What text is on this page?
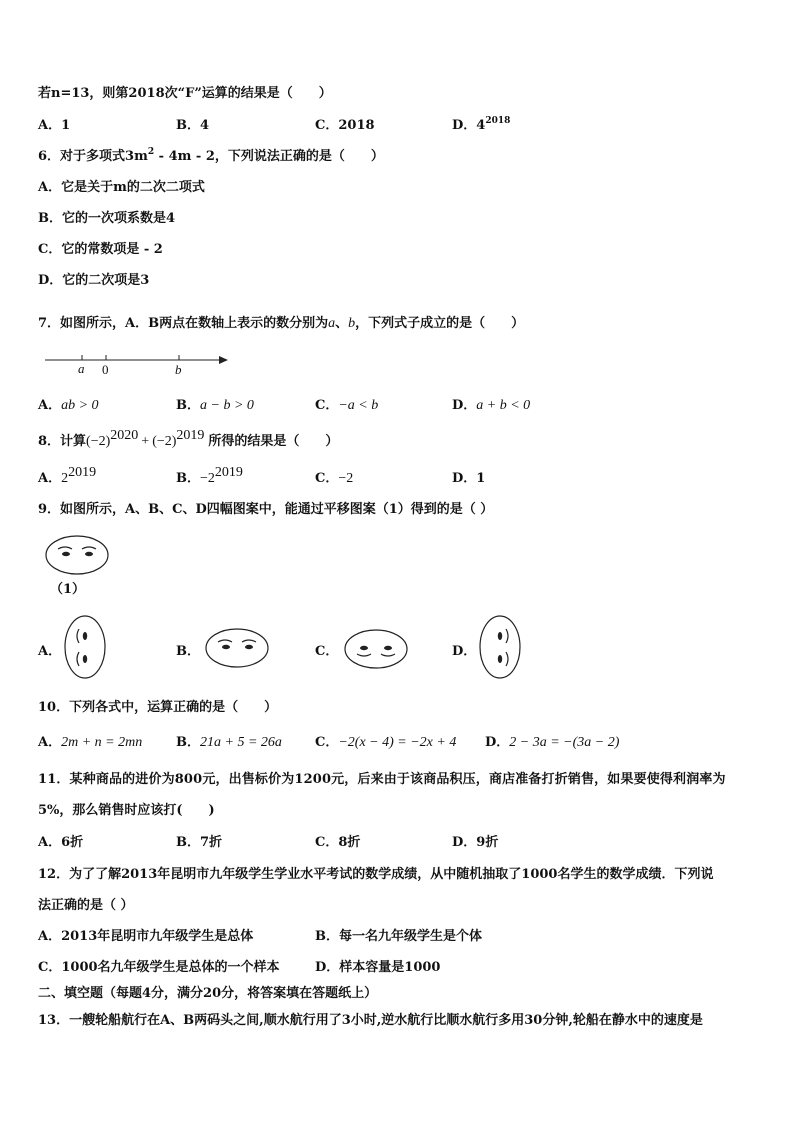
若n=13，则第2018次“F”运算的结果是（　　）
A．1	B．4	C．2018	D．$4^{2018}$
6．对于多项式$3m^2 - 4m - 2$，下列说法正确的是（　　）
A．它是关于m的二次二项式
B．它的一次项系数是4
C．它的常数项是 - 2
D．它的二次项是3
7．如图所示，A．B两点在数轴上表示的数分别为a、b，下列式子成立的是（　　）
a 0	b
A．ab > 0	B．a − b > 0	C．−a < b	D．a + b < 0
8．计算$(-2)^{2020} + (-2)^{2019}$ 所得的结果是（　　）
A．$2^{2019}$	B．$-2^{2019}$	C．−2	D．1
9．如图所示，A、B、C、D四幅图案中，能通过平移图案（1）得到的是（ ）
（1）
A．	B．	C．	D．
10．下列各式中，运算正确的是（　　）
A．2m + n = 2mn	B．21a + 5 = 26a	C．−2(x − 4) = −2x + 4 D．2 − 3a = −(3a − 2)
11．某种商品的进价为800元，出售标价为1200元，后来由于该商品积压，商店准备打折销售，如果要使得利润率为
5%，那么销售时应该打(　　)
A．6折	B．7折	C．8折	D．9折
12．为了了解2013年昆明市九年级学生学业水平考试的数学成绩，从中随机抽取了1000名学生的数学成绩．下列说
法正确的是（ ）
A．2013年昆明市九年级学生是总体	B．每一名九年级学生是个体
C．1000名九年级学生是总体的一个样本	D．样本容量是1000
二、填空题（每题4分，满分20分，将答案填在答题纸上）
13．一艘轮船航行在A、B两码头之间,顺水航行用了3小时,逆水航行比顺水航行多用30分钟,轮船在静水中的速度是
